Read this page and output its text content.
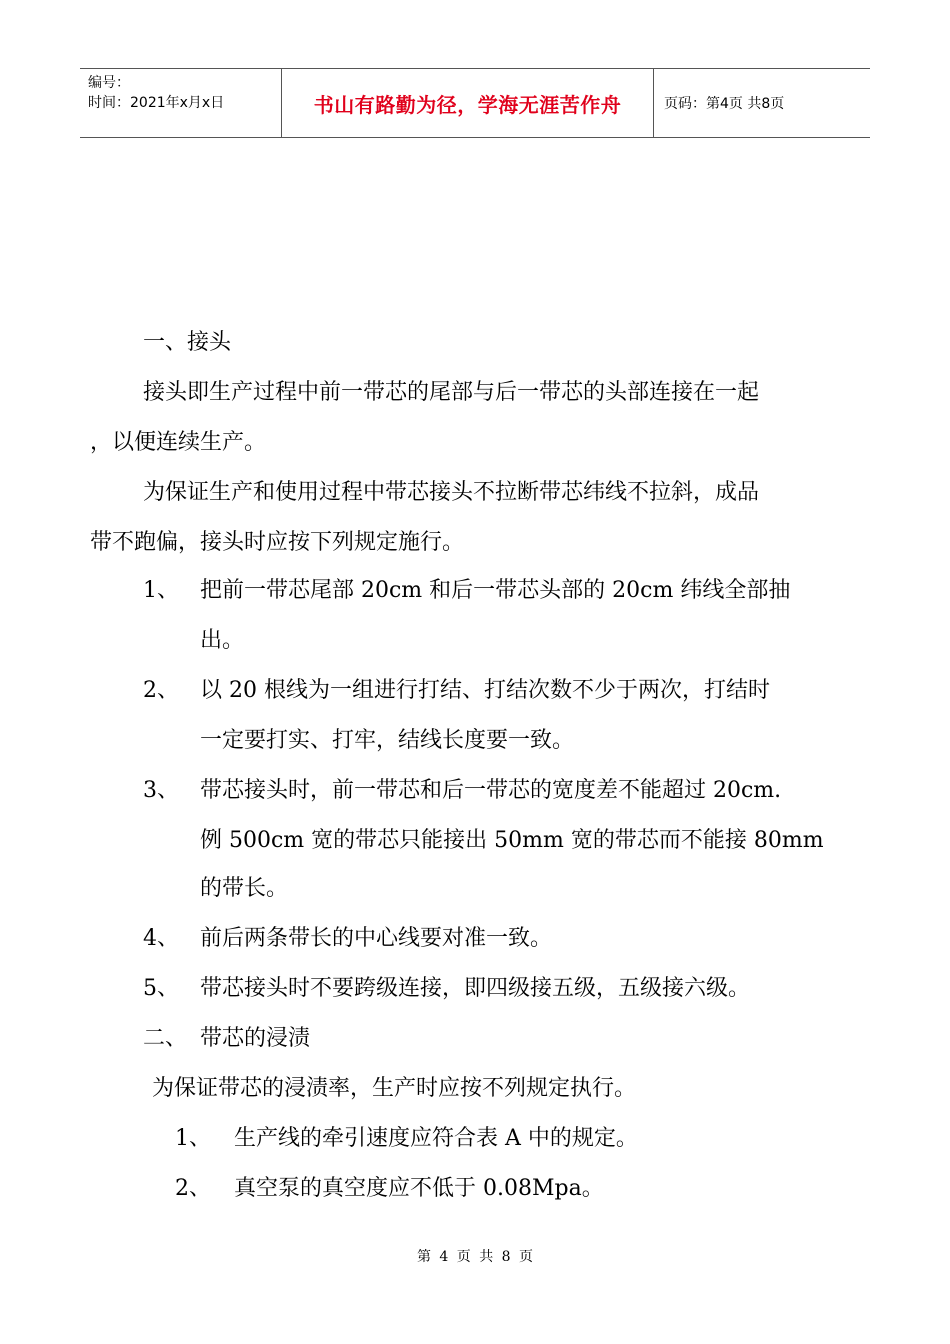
编号：
时间：2021年x月x日	书山有路勤为径，学海无涯苦作舟	页码：第4页 共8页
一、接头
接头即生产过程中前一带芯的尾部与后一带芯的头部连接在一起
，以便连续生产。
为保证生产和使用过程中带芯接头不拉断带芯纬线不拉斜，成品
带不跑偏，接头时应按下列规定施行。
1、 把前一带芯尾部 20cm 和后一带芯头部的 20cm 纬线全部抽
出。
2、 以 20 根线为一组进行打结、打结次数不少于两次，打结时
一定要打实、打牢，结线长度要一致。
3、 带芯接头时，前一带芯和后一带芯的宽度差不能超过 20cm.
例 500cm 宽的带芯只能接出 50mm 宽的带芯而不能接 80mm
的带长。
4、 前后两条带长的中心线要对准一致。
5、 带芯接头时不要跨级连接，即四级接五级，五级接六级。
二、 带芯的浸渍
为保证带芯的浸渍率，生产时应按不列规定执行。
1、 生产线的牵引速度应符合表 A 中的规定。
2、 真空泵的真空度应不低于 0.08Mpa。
第 4 页 共 8 页
